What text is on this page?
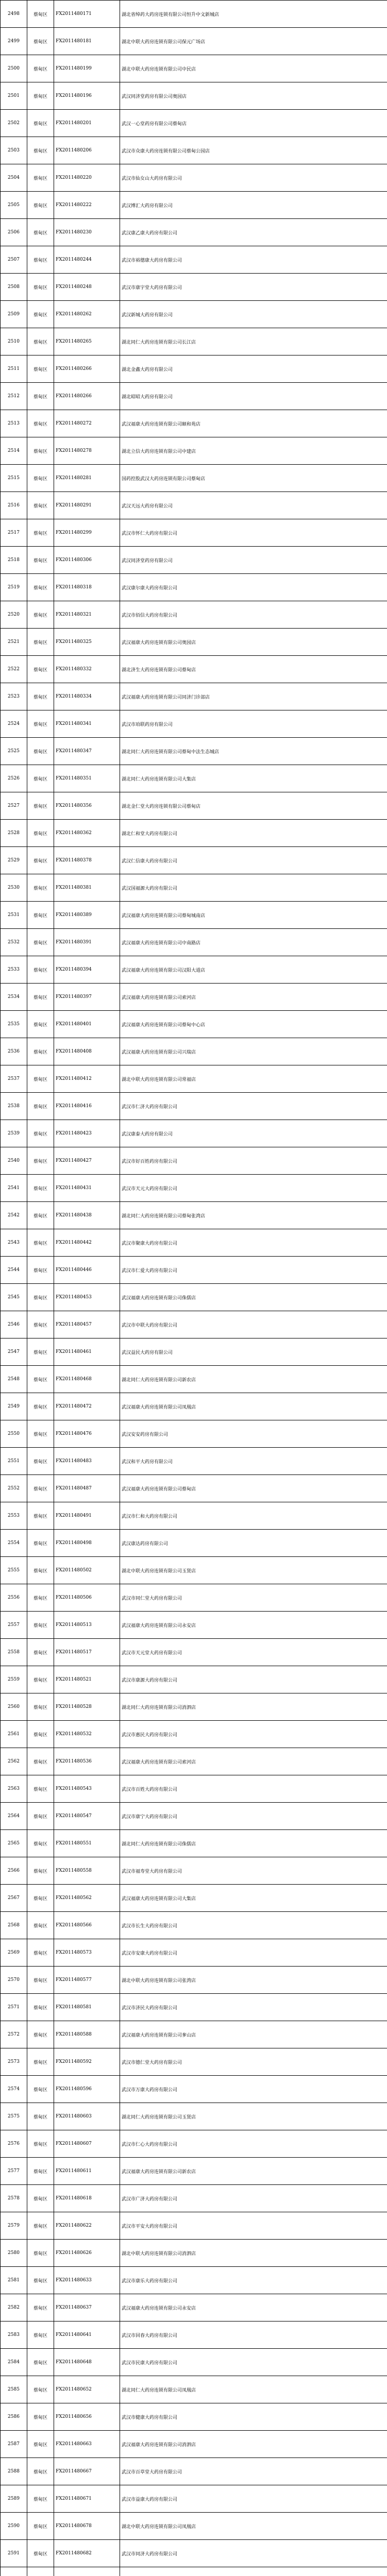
2498	蔡甸区	FX2011480171	湖北省绰药大药房连锁有限公司恒升中文新城店
2499	蔡甸区	FX2011480181	湖北中联大药房连锁有限公司保元广场店
2500	蔡甸区	FX2011480199	湖北中联大药房连锁有限公司中民店
2501	蔡甸区	FX2011480196	武汉同济堂药房有限公司奥园店
2502	蔡甸区	FX2011480201	武汉一心堂药房有限公司蔡甸店
2503	蔡甸区	FX2011480206	武汉市众康大药房连锁有限公司蔡甸公园店
2504	蔡甸区	FX2011480220	武汉市仙女山大药房有限公司
2505	蔡甸区	FX2011480222	武汉博汇大药房有限公司
2506	蔡甸区	FX2011480230	武汉康乙康大药房有限公司
2507	蔡甸区	FX2011480244	武汉市裕德康大药房有限公司
2508	蔡甸区	FX2011480248	武汉市康宇堂大药房有限公司
2509	蔡甸区	FX2011480262	武汉新城大药房有限公司
2510	蔡甸区	FX2011480265	湖北同仁大药房连锁有限公司长江店
2511	蔡甸区	FX2011480266	湖北金鑫大药房有限公司
2512	蔡甸区	FX2011480266	湖北昭昭大药房有限公司
2513	蔡甸区	FX2011480272	武汉福康大药房连锁有限公司颐和苑店
2514	蔡甸区	FX2011480278	湖北立信大药房连锁有限公司中建店
2515	蔡甸区	FX2011480281	国药控股武汉大药房连锁有限公司蔡甸店
2516	蔡甸区	FX2011480291	武汉天远大药房有限公司
2517	蔡甸区	FX2011480299	武汉市怀仁大药房有限公司
2518	蔡甸区	FX2011480306	武汉同济堂药房有限公司
2519	蔡甸区	FX2011480318	武汉康尔康大药房有限公司
2520	蔡甸区	FX2011480321	武汉市佰信大药房有限公司
2521	蔡甸区	FX2011480325	武汉福康大药房连锁有限公司奥园店
2522	蔡甸区	FX2011480332	湖北济生大药房连锁有限公司蔡甸店
2523	蔡甸区	FX2011480334	武汉福康大药房连锁有限公司同济门诊部店
2524	蔡甸区	FX2011480341	武汉市珀联药房有限公司
2525	蔡甸区	FX2011480347	湖北同仁大药房连锁有限公司蔡甸中法生态城店
2526	蔡甸区	FX2011480351	湖北同仁大药房连锁有限公司大集店
2527	蔡甸区	FX2011480356	湖北金仁堂大药房连锁有限公司蔡甸店
2528	蔡甸区	FX2011480362	湖北仁和堂大药房有限公司
2529	蔡甸区	FX2011480378	武汉仁信康大药房有限公司
2530	蔡甸区	FX2011480381	武汉国福源大药房有限公司
2531	蔡甸区	FX2011480389	武汉福康大药房连锁有限公司蔡甸城南店
2532	蔡甸区	FX2011480391	武汉福康大药房连锁有限公司中南路店
2533	蔡甸区	FX2011480394	武汉福康大药房连锁有限公司汉阳大道店
2534	蔡甸区	FX2011480397	武汉福康大药房连锁有限公司索河店
2535	蔡甸区	FX2011480401	武汉福康大药房连锁有限公司蔡甸中心店
2536	蔡甸区	FX2011480408	武汉福康大药房连锁有限公司兴瑞店
2537	蔡甸区	FX2011480412	湖北中联大药房连锁有限公司常福店
2538	蔡甸区	FX2011480416	武汉市仁济大药房有限公司
2539	蔡甸区	FX2011480423	武汉康泰大药房有限公司
2540	蔡甸区	FX2011480427	武汉市好百姓药房有限公司
2541	蔡甸区	FX2011480431	武汉市天元大药房有限公司
2542	蔡甸区	FX2011480438	湖北同仁大药房连锁有限公司蔡甸张湾店
2543	蔡甸区	FX2011480442	武汉市聚康大药房有限公司
2544	蔡甸区	FX2011480446	武汉市仁爱大药房有限公司
2545	蔡甸区	FX2011480453	武汉福康大药房连锁有限公司侏儒店
2546	蔡甸区	FX2011480457	武汉市中联大药房有限公司
2547	蔡甸区	FX2011480461	武汉益民大药房有限公司
2548	蔡甸区	FX2011480468	湖北同仁大药房连锁有限公司新农店
2549	蔡甸区	FX2011480472	武汉福康大药房连锁有限公司凤凰店
2550	蔡甸区	FX2011480476	武汉安安药房有限公司
2551	蔡甸区	FX2011480483	武汉和平大药房有限公司
2552	蔡甸区	FX2011480487	武汉福康大药房连锁有限公司蔡甸店
2553	蔡甸区	FX2011480491	武汉市仁和大药房有限公司
2554	蔡甸区	FX2011480498	武汉康达药房有限公司
2555	蔡甸区	FX2011480502	湖北中联大药房连锁有限公司玉贤店
2556	蔡甸区	FX2011480506	武汉市同仁堂大药房有限公司
2557	蔡甸区	FX2011480513	武汉福康大药房连锁有限公司永安店
2558	蔡甸区	FX2011480517	武汉市天元堂大药房有限公司
2559	蔡甸区	FX2011480521	武汉市康源大药房有限公司
2560	蔡甸区	FX2011480528	湖北同仁大药房连锁有限公司消泗店
2561	蔡甸区	FX2011480532	武汉市惠民大药房有限公司
2562	蔡甸区	FX2011480536	武汉福康大药房连锁有限公司索河店
2563	蔡甸区	FX2011480543	武汉市百姓大药房有限公司
2564	蔡甸区	FX2011480547	武汉市康宁大药房有限公司
2565	蔡甸区	FX2011480551	湖北同仁大药房连锁有限公司侏儒店
2566	蔡甸区	FX2011480558	武汉市福寿堂大药房有限公司
2567	蔡甸区	FX2011480562	武汉福康大药房连锁有限公司大集店
2568	蔡甸区	FX2011480566	武汉市长生大药房有限公司
2569	蔡甸区	FX2011480573	武汉市安康大药房有限公司
2570	蔡甸区	FX2011480577	湖北中联大药房连锁有限公司张湾店
2571	蔡甸区	FX2011480581	武汉市济民大药房有限公司
2572	蔡甸区	FX2011480588	武汉福康大药房连锁有限公司奓山店
2573	蔡甸区	FX2011480592	武汉市德仁堂大药房有限公司
2574	蔡甸区	FX2011480596	武汉市万康大药房有限公司
2575	蔡甸区	FX2011480603	湖北同仁大药房连锁有限公司玉贤店
2576	蔡甸区	FX2011480607	武汉市仁心大药房有限公司
2577	蔡甸区	FX2011480611	武汉福康大药房连锁有限公司新农店
2578	蔡甸区	FX2011480618	武汉市广济大药房有限公司
2579	蔡甸区	FX2011480622	武汉市平安大药房有限公司
2580	蔡甸区	FX2011480626	湖北中联大药房连锁有限公司消泗店
2581	蔡甸区	FX2011480633	武汉市康乐大药房有限公司
2582	蔡甸区	FX2011480637	武汉福康大药房连锁有限公司永安店
2583	蔡甸区	FX2011480641	武汉市回春大药房有限公司
2584	蔡甸区	FX2011480648	武汉市民康大药房有限公司
2585	蔡甸区	FX2011480652	湖北同仁大药房连锁有限公司凤凰店
2586	蔡甸区	FX2011480656	武汉市健康大药房有限公司
2587	蔡甸区	FX2011480663	武汉福康大药房连锁有限公司消泗店
2588	蔡甸区	FX2011480667	武汉市百草堂大药房有限公司
2589	蔡甸区	FX2011480671	武汉市益康大药房有限公司
2590	蔡甸区	FX2011480678	湖北中联大药房连锁有限公司凤凰店
2591	蔡甸区	FX2011480682	武汉市同济大药房有限公司
